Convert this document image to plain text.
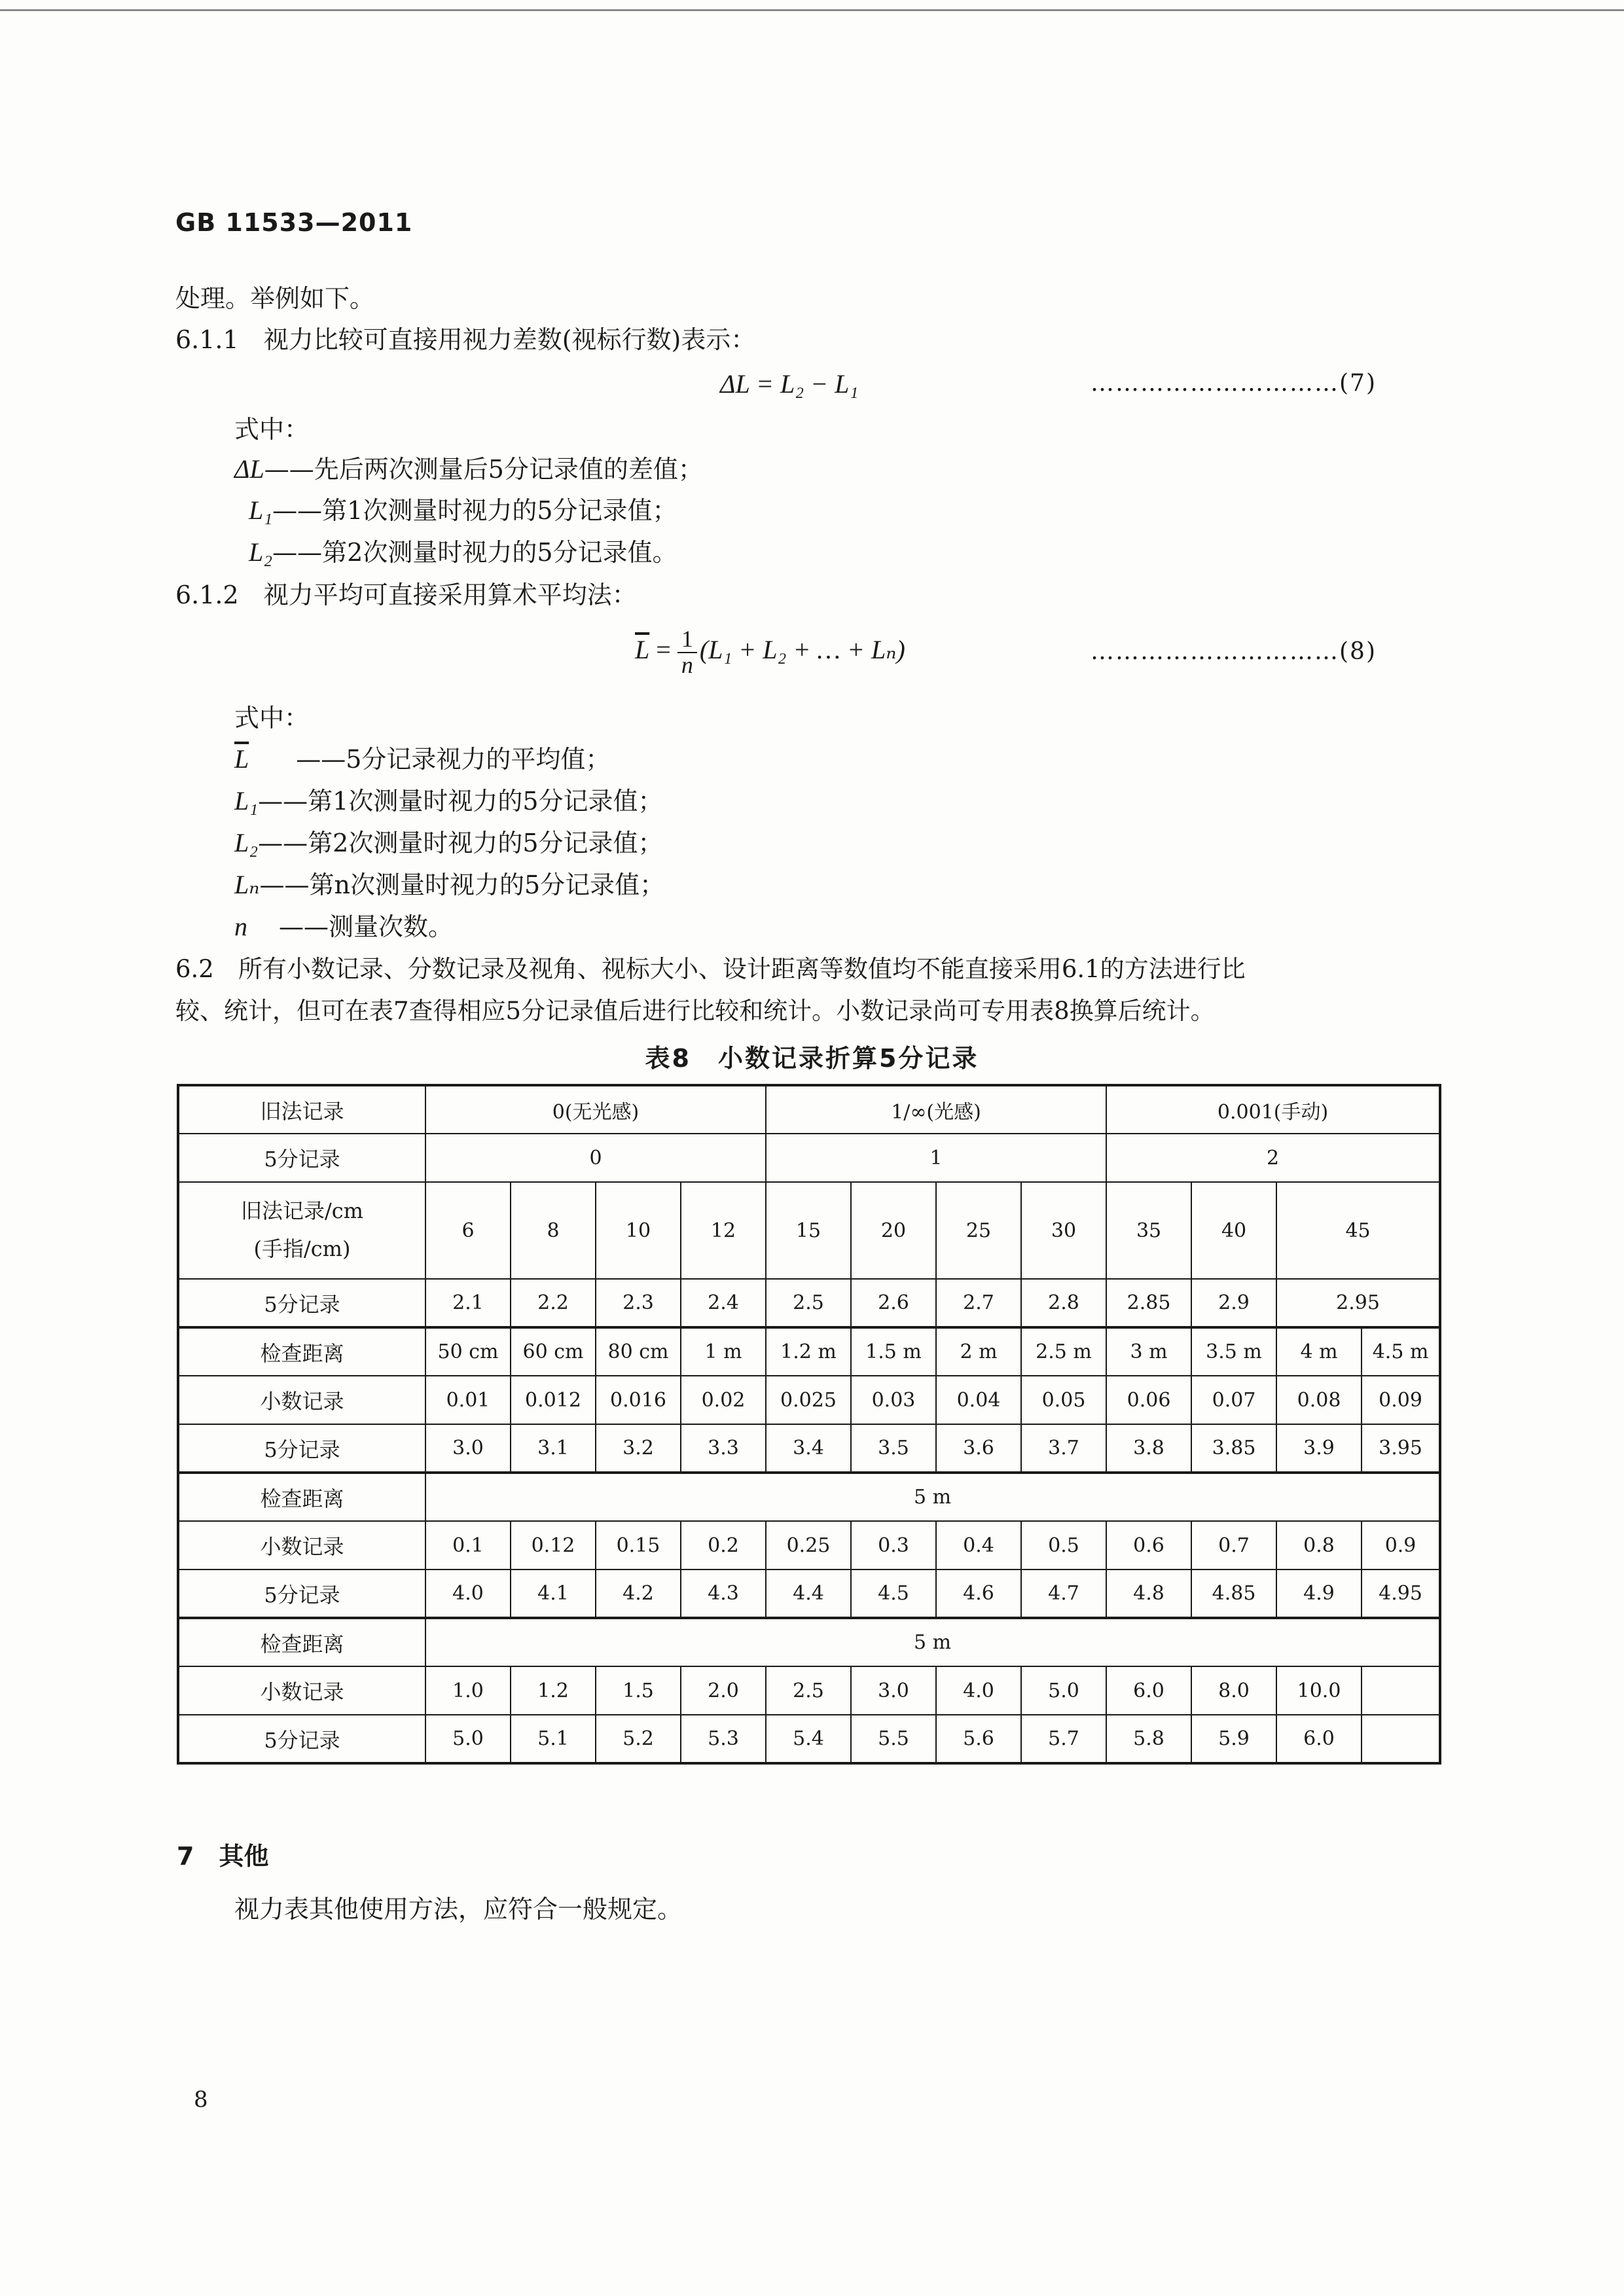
GB 11533—2011
处理。举例如下。
6.1.1　视力比较可直接用视力差数(视标行数)表示：
ΔL = L₂ − L₁	…………………………(7)
式中：
ΔL——先后两次测量后5分记录值的差值；
L₁——第1次测量时视力的5分记录值；
L₂——第2次测量时视力的5分记录值。
6.1.2　视力平均可直接采用算术平均法：
$\overline{L} = \frac{1}{n} (L_1 + L_2$ + … + Lₙ)	…………………………(8)
式中：
$\overline{L}$ ——5分记录视力的平均值；
L₁——第1次测量时视力的5分记录值；
L₂——第2次测量时视力的5分记录值；
Lₙ——第n次测量时视力的5分记录值；
n ——测量次数。
6.2　所有小数记录、分数记录及视角、视标大小、设计距离等数值均不能直接采用6.1的方法进行比
较、统计，但可在表7查得相应5分记录值后进行比较和统计。小数记录尚可专用表8换算后统计。
表8　小数记录折算5分记录
旧法记录	0(无光感)				1/∞(光感)				0.001(手动)			
5分记录	0				1				2			
旧法记录/cm
(手指/cm)	6	8	10	12	15	20	25	30	35	40	45	
5分记录	2.1	2.2	2.3	2.4	2.5	2.6	2.7	2.8	2.85	2.9	2.95	
检查距离	50 cm	60 cm	80 cm	1 m	1.2 m	1.5 m	2 m	2.5 m	3 m	3.5 m	4 m	4.5 m
小数记录	0.01	0.012	0.016	0.02	0.025	0.03	0.04	0.05	0.06	0.07	0.08	0.09
5分记录	3.0	3.1	3.2	3.3	3.4	3.5	3.6	3.7	3.8	3.85	3.9	3.95
检查距离	5 m											
小数记录	0.1	0.12	0.15	0.2	0.25	0.3	0.4	0.5	0.6	0.7	0.8	0.9
5分记录	4.0	4.1	4.2	4.3	4.4	4.5	4.6	4.7	4.8	4.85	4.9	4.95
检查距离	5 m											
小数记录	1.0	1.2	1.5	2.0	2.5	3.0	4.0	5.0	6.0	8.0	10.0	
5分记录	5.0	5.1	5.2	5.3	5.4	5.5	5.6	5.7	5.8	5.9	6.0	
7　其他
视力表其他使用方法，应符合一般规定。
8
